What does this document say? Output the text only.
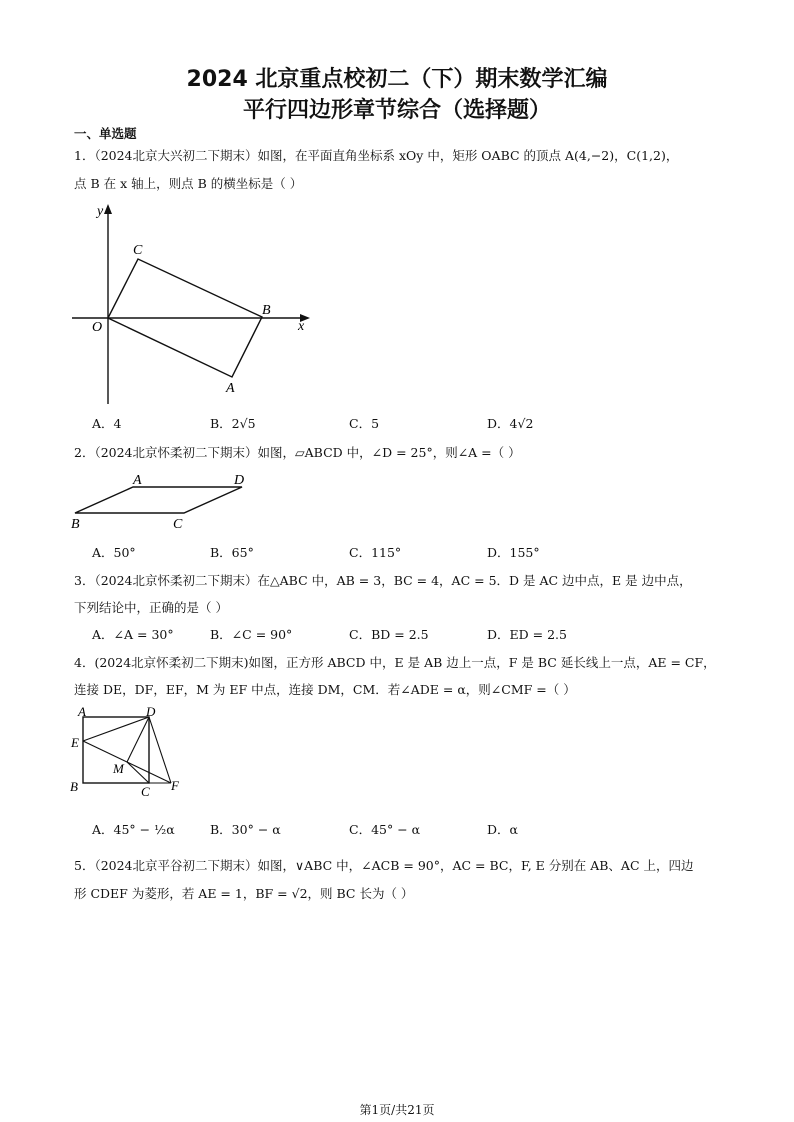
2024 北京重点校初二（下）期末数学汇编
平行四边形章节综合（选择题）
一、单选题
1．（2024北京大兴初二下期末）如图，在平面直角坐标系 xOy 中，矩形 OABC 的顶点 A(4,−2)，C(1,2)，
点 B 在 x 轴上，则点 B 的横坐标是（ ）
y
x
O
C
B
A
A．4	B．2√5	C．5	D．4√2
2．（2024北京怀柔初二下期末）如图，▱ABCD 中，∠D = 25°，则∠A =（ ）
A	D
B	C
A．50°	B．65°	C．115°	D．155°
3．（2024北京怀柔初二下期末）在△ABC 中，AB = 3，BC = 4，AC = 5．D 是 AC 边中点，E 是 边中点，
下列结论中，正确的是（ ）
A．∠A = 30°	B．∠C = 90°	C．BD = 2.5	D．ED = 2.5
4．(2024北京怀柔初二下期末)如图，正方形 ABCD 中，E 是 AB 边上一点，F 是 BC 延长线上一点，AE = CF，
连接 DE，DF，EF，M 为 EF 中点，连接 DM，CM．若∠ADE = α，则∠CMF =（ ）
A	D
E
M
B	C F
A．45° − ½α	B．30° − α	C．45° − α	D．α
5．（2024北京平谷初二下期末）如图，∨ABC 中，∠ACB = 90°，AC = BC，F, E 分别在 AB、AC 上，四边
形 CDEF 为菱形，若 AE = 1，BF = √2，则 BC 长为（ ）
第1页/共21页
